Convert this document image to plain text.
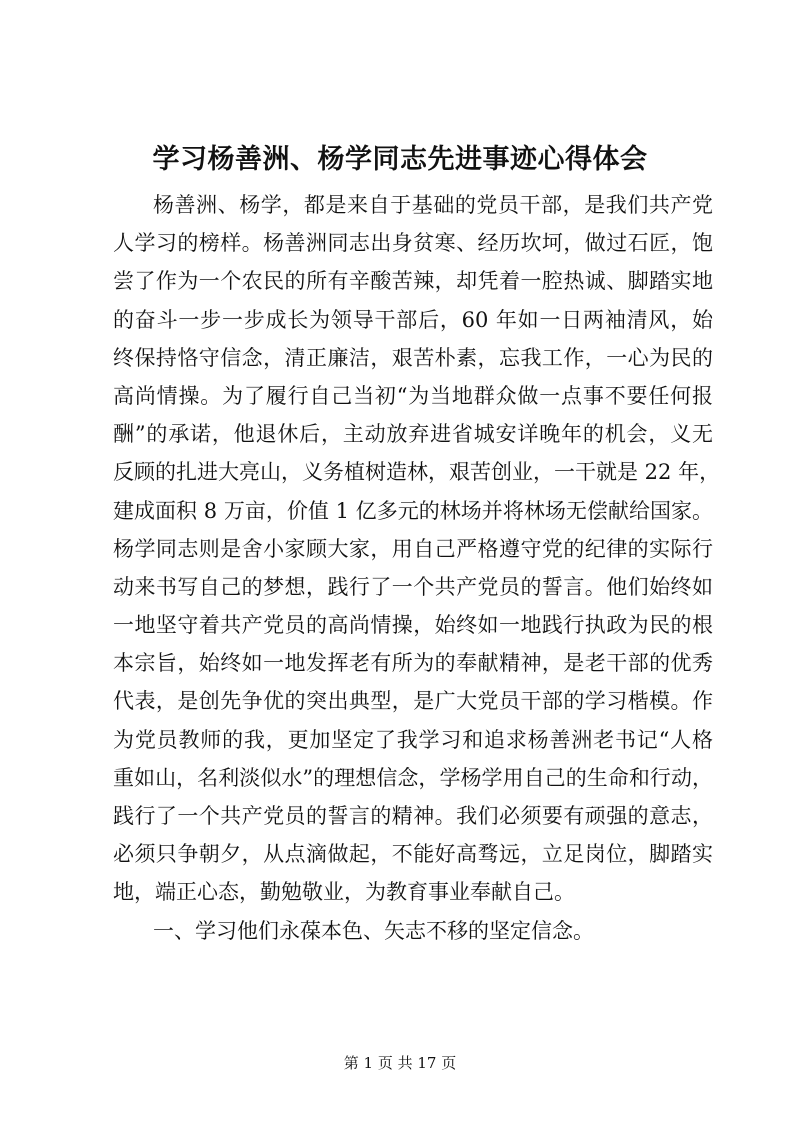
学习杨善洲、杨学同志先进事迹心得体会
杨善洲、杨学，都是来自于基础的党员干部，是我们共产党
人学习的榜样。杨善洲同志出身贫寒、经历坎坷，做过石匠，饱
尝了作为一个农民的所有辛酸苦辣，却凭着一腔热诚、脚踏实地
的奋斗一步一步成长为领导干部后，60 年如一日两袖清风，始
终保持恪守信念，清正廉洁，艰苦朴素，忘我工作，一心为民的
高尚情操。为了履行自己当初“为当地群众做一点事不要任何报
酬”的承诺，他退休后，主动放弃进省城安详晚年的机会，义无
反顾的扎进大亮山，义务植树造林，艰苦创业，一干就是 22 年，
建成面积 8 万亩，价值 1 亿多元的林场并将林场无偿献给国家。
杨学同志则是舍小家顾大家，用自己严格遵守党的纪律的实际行
动来书写自己的梦想，践行了一个共产党员的誓言。他们始终如
一地坚守着共产党员的高尚情操，始终如一地践行执政为民的根
本宗旨，始终如一地发挥老有所为的奉献精神，是老干部的优秀
代表，是创先争优的突出典型，是广大党员干部的学习楷模。作
为党员教师的我，更加坚定了我学习和追求杨善洲老书记“人格
重如山，名利淡似水”的理想信念，学杨学用自己的生命和行动，
践行了一个共产党员的誓言的精神。我们必须要有顽强的意志，
必须只争朝夕，从点滴做起，不能好高骛远，立足岗位，脚踏实
地，端正心态，勤勉敬业，为教育事业奉献自己。
一、学习他们永葆本色、矢志不移的坚定信念。
第 1 页 共 17 页
